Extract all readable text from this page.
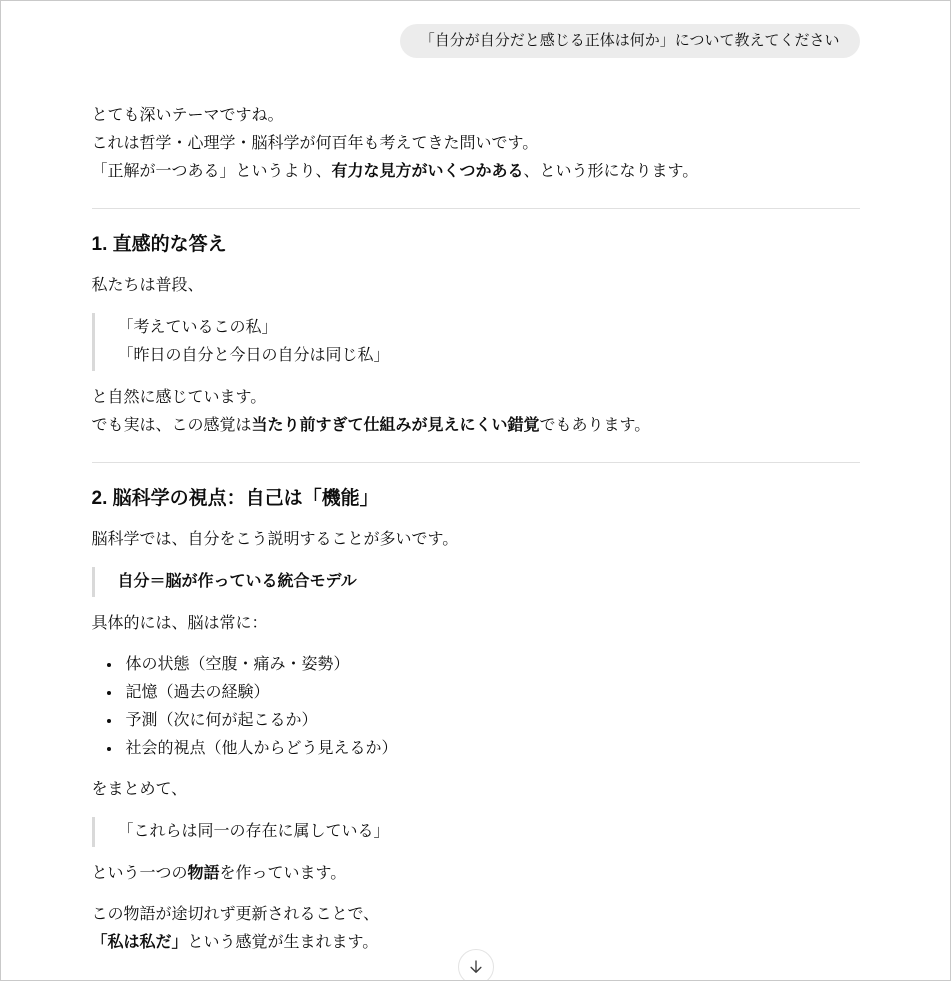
「自分が自分だと感じる正体は何か」について教えてください

とても深いテーマですね。
これは哲学・心理学・脳科学が何百年も考えてきた問いです。
「正解が一つある」というより、有力な見方がいくつかある、という形になります。

1. 直感的な答え

私たちは普段、

「考えているこの私」
「昨日の自分と今日の自分は同じ私」

と自然に感じています。
でも実は、この感覚は当たり前すぎて仕組みが見えにくい錯覚でもあります。

2. 脳科学の視点：自己は「機能」

脳科学では、自分をこう説明することが多いです。

自分＝脳が作っている統合モデル

具体的には、脳は常に：

• 体の状態（空腹・痛み・姿勢）
• 記憶（過去の経験）
• 予測（次に何が起こるか）
• 社会的視点（他人からどう見えるか）

をまとめて、

「これらは同一の存在に属している」

という一つの物語を作っています。

この物語が途切れず更新されることで、
「私は私だ」という感覚が生まれます。
